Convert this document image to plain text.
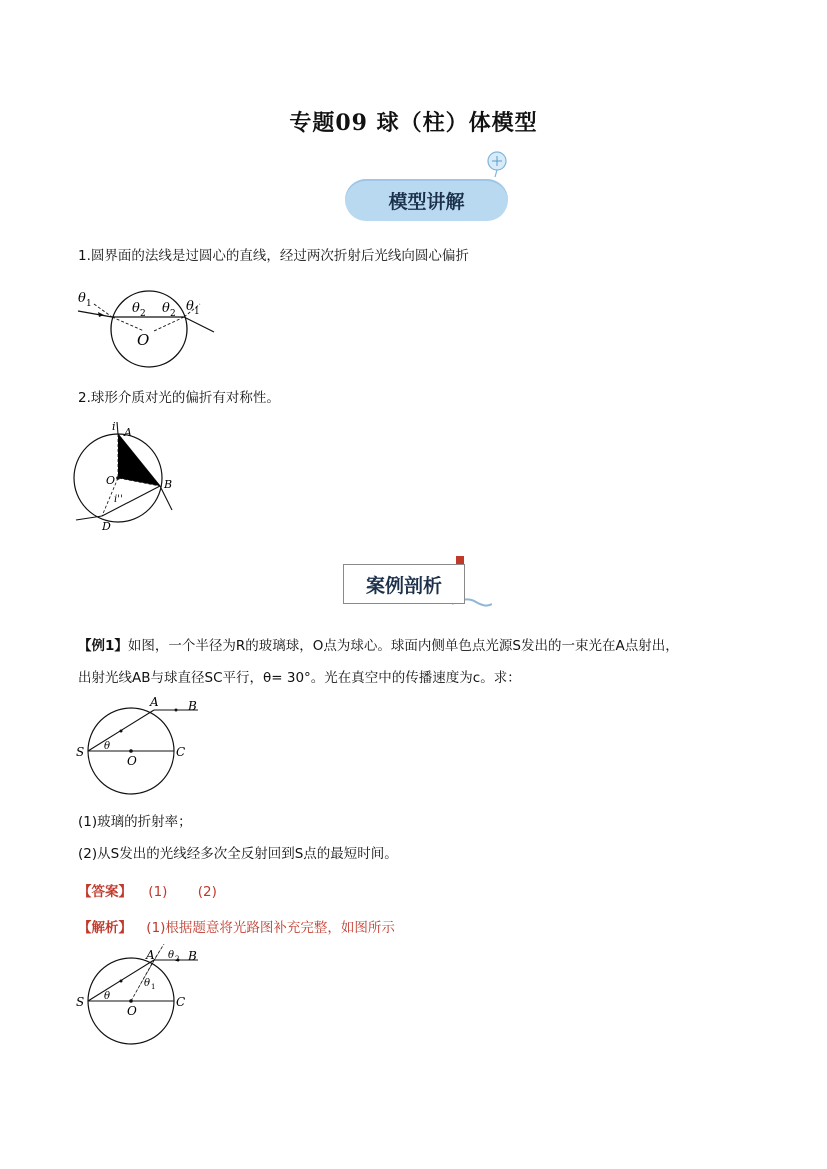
专题09 球（柱）体模型
模型讲解
1.圆界面的法线是过圆心的直线，经过两次折射后光线向圆心偏折
θ 1	θ 2 θ 2 θ 1
O
2.球形介质对光的偏折有对称性。
i A
r
O i'
B
i''
D
案例剖析
【例1】如图，一个半径为R的玻璃球，O点为球心。球面内侧单色点光源S发出的一束光在A点射出，
出射光线AB与球直径SC平行，θ= 30°。光在真空中的传播速度为c。求：
A B
S	C
O
θ
(1)玻璃的折射率；
(2)从S发出的光线经多次全反射回到S点的最短时间。
【答案】 (1) (2)
【解析】 (1)根据题意将光路图补充完整，如图所示
A	B
S	C
O
θ
θ 1
θ 2
